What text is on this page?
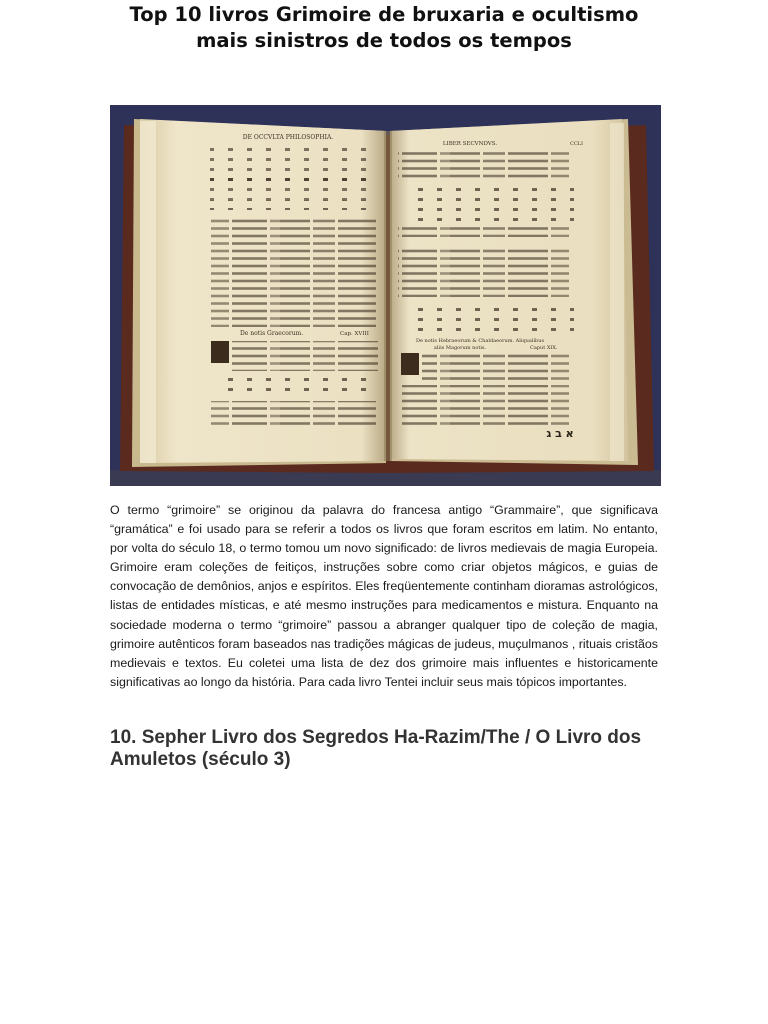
Top 10 livros Grimoire de bruxaria e ocultismo
mais sinistros de todos os tempos
DE OCCVLTA PHILOSOPHIA.
De notis Graecorum.	Cap. XVIII
LIBER SECVNDVS.	CCLI
De notis Hebraeorum & Chaldaeorum. Aliqualibus
aliis Magorum notis.	Caput XIX.
א ב ג

O termo “grimoire” se originou da palavra do francesa antigo “Grammaire”, que significava “gramática” e foi usado para se referir a todos os livros que foram escritos em latim. No entanto, por volta do século 18, o termo tomou um novo significado: de livros medievais de magia Europeia. Grimoire eram coleções de feitiços, instruções sobre como criar objetos mágicos, e guias de convocação de demônios, anjos e espíritos. Eles freqüentemente continham dioramas astrológicos, listas de entidades místicas, e até mesmo instruções para medicamentos e mistura. Enquanto na sociedade moderna o termo “grimoire” passou a abranger qualquer tipo de coleção de magia, grimoire autênticos foram baseados nas tradições mágicas de judeus, muçulmanos , rituais cristãos medievais e textos. Eu coletei uma lista de dez dos grimoire mais influentes e historicamente significativas ao longo da história. Para cada livro Tentei incluir seus mais tópicos importantes.

10. Sepher Livro dos Segredos Ha-Razim/The / O Livro dos Amuletos (século 3)
